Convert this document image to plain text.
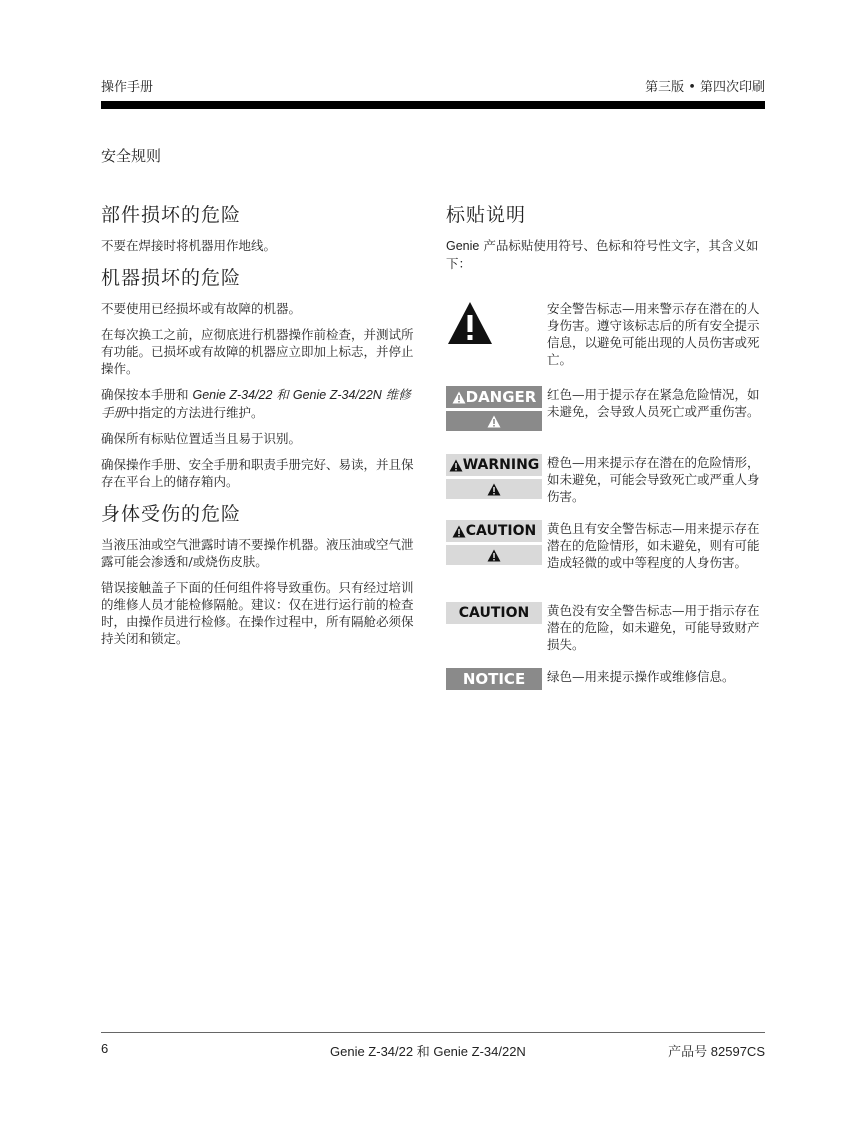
操作手册	第三版 • 第四次印刷
安全规则
部件损坏的危险

不要在焊接时将机器用作地线。

机器损坏的危险

不要使用已经损坏或有故障的机器。

在每次换工之前，应彻底进行机器操作前检查，并测试所有功能。已损坏或有故障的机器应立即加上标志，并停止操作。

确保按本手册和 Genie Z-34/22 和 Genie Z-34/22N 维修手册中指定的方法进行维护。

确保所有标贴位置适当且易于识别。

确保操作手册、安全手册和职责手册完好、易读，并且保存在平台上的储存箱内。

身体受伤的危险

当液压油或空气泄露时请不要操作机器。液压油或空气泄露可能会渗透和/或烧伤皮肤。

错误接触盖子下面的任何组件将导致重伤。只有经过培训的维修人员才能检修隔舱。建议：仅在进行运行前的检查时，由操作员进行检修。在操作过程中，所有隔舱必须保持关闭和锁定。

标贴说明

Genie 产品标贴使用符号、色标和符号性文字，其含义如下：

安全警告标志—用来警示存在潜在的人身伤害。遵守该标志后的所有安全提示信息，以避免可能出现的人员伤害或死亡。
DANGER 红色—用于提示存在紧急危险情况，如未避免，会导致人员死亡或严重伤害。
WARNING 橙色—用来提示存在潜在的危险情形，如未避免，可能会导致死亡或严重人身伤害。
CAUTION 黄色且有安全警告标志—用来提示存在潜在的危险情形，如未避免，则有可能造成轻微的或中等程度的人身伤害。
CAUTION 黄色没有安全警告标志—用于指示存在潜在的危险，如未避免，可能导致财产损失。
NOTICE 绿色—用来提示操作或维修信息。
6	Genie Z-34/22 和 Genie Z-34/22N	产品号 82597CS
